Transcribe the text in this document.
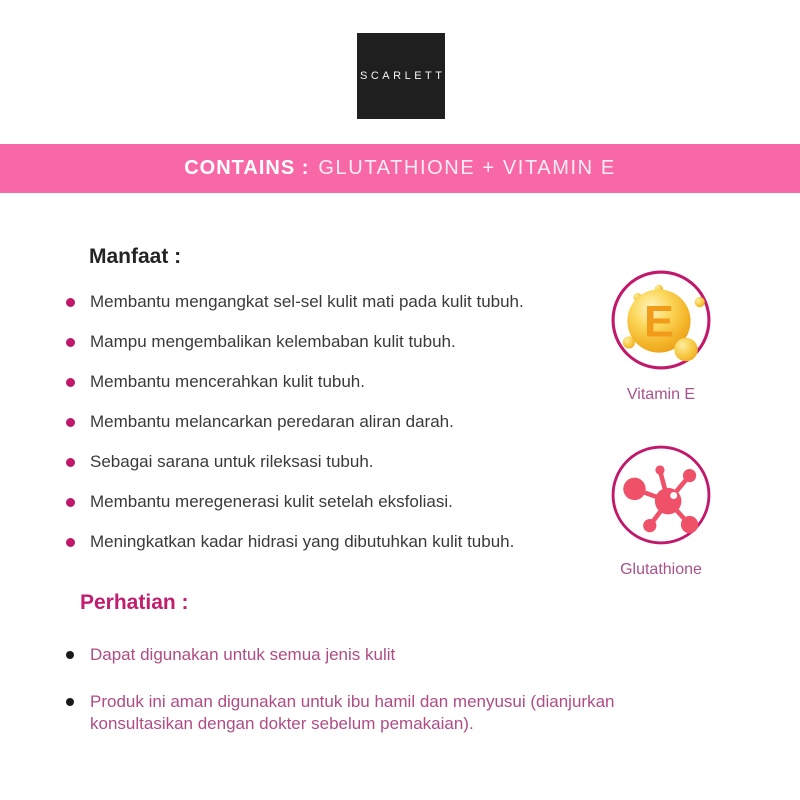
SCARLETT
CONTAINS : GLUTATHIONE + VITAMIN E
Manfaat :
Membantu mengangkat sel-sel kulit mati pada kulit tubuh.
Mampu mengembalikan kelembaban kulit tubuh.
Membantu mencerahkan kulit tubuh.
Membantu melancarkan peredaran aliran darah.
Sebagai sarana untuk rileksasi tubuh.
Membantu meregenerasi kulit setelah eksfoliasi.
Meningkatkan kadar hidrasi yang dibutuhkan kulit tubuh.
E
Vitamin E
Glutathione
Perhatian :
Dapat digunakan untuk semua jenis kulit
Produk ini aman digunakan untuk ibu hamil dan menyusui (dianjurkan konsultasikan dengan dokter sebelum pemakaian).
